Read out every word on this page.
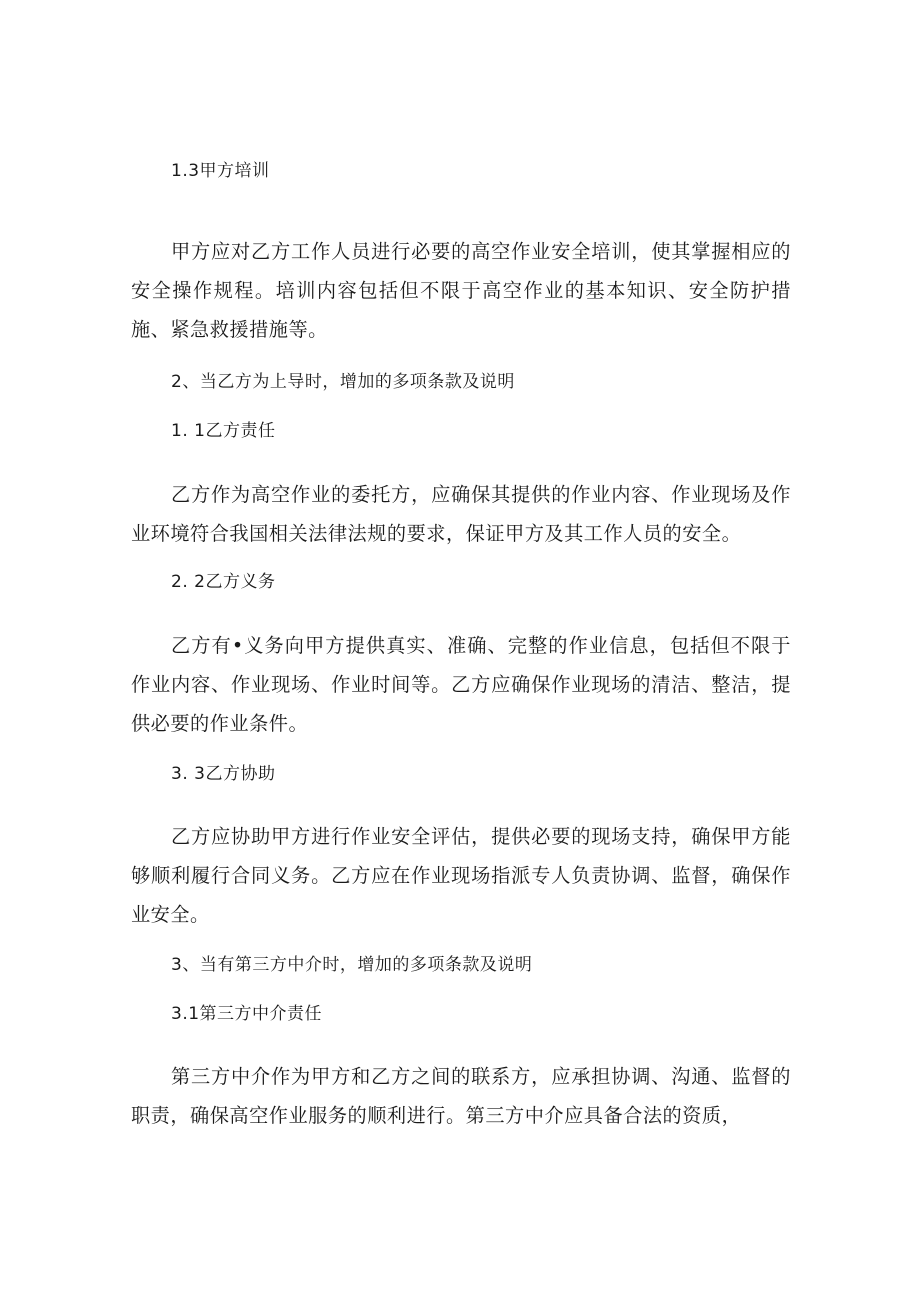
1.3甲方培训

甲方应对乙方工作人员进行必要的高空作业安全培训，使其掌握相应的安全操作规程。培训内容包括但不限于高空作业的基本知识、安全防护措施、紧急救援措施等。

2、当乙方为上导时，增加的多项条款及说明

1. 1乙方责任

乙方作为高空作业的委托方，应确保其提供的作业内容、作业现场及作业环境符合我国相关法律法规的要求，保证甲方及其工作人员的安全。

2. 2乙方义务

乙方有•义务向甲方提供真实、准确、完整的作业信息，包括但不限于作业内容、作业现场、作业时间等。乙方应确保作业现场的清洁、整洁，提供必要的作业条件。

3. 3乙方协助

乙方应协助甲方进行作业安全评估，提供必要的现场支持，确保甲方能够顺利履行合同义务。乙方应在作业现场指派专人负责协调、监督，确保作业安全。

3、当有第三方中介时，增加的多项条款及说明

3.1第三方中介责任

第三方中介作为甲方和乙方之间的联系方，应承担协调、沟通、监督的职责，确保高空作业服务的顺利进行。第三方中介应具备合法的资质，
